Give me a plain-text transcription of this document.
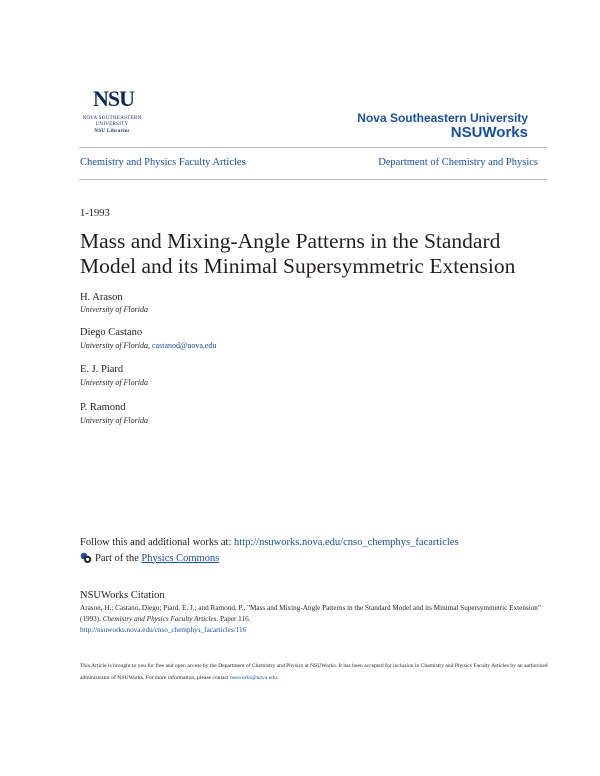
NSU
NOVA SOUTHEASTERN
UNIVERSITY
NSU Libraries
Nova Southeastern University
NSUWorks
Chemistry and Physics Faculty Articles	Department of Chemistry and Physics
1-1993
Mass and Mixing-Angle Patterns in the Standard
Model and its Minimal Supersymmetric Extension
H. Arason
University of Florida
Diego Castano
University of Florida, castanod@nova.edu
E. J. Piard
University of Florida
P. Ramond
University of Florida
Follow this and additional works at: http://nsuworks.nova.edu/cnso_chemphys_facarticles
Part of the
Physics Commons
NSUWorks Citation
Arason, H.; Castano, Diego; Piard, E. J.; and Ramond, P., "Mass and Mixing-Angle Patterns in the Standard Model and its Minimal Supersymmetric Extension" (1993). Chemistry and Physics Faculty Articles. Paper 116.
http://nsuworks.nova.edu/cnso_chemphys_facarticles/116
This Article is brought to you for free and open access by the Department of Chemistry and Physics at NSUWorks. It has been accepted for inclusion in Chemistry and Physics Faculty Articles by an authorized administrator of NSUWorks. For more information, please contact nsuworks@nova.edu.
